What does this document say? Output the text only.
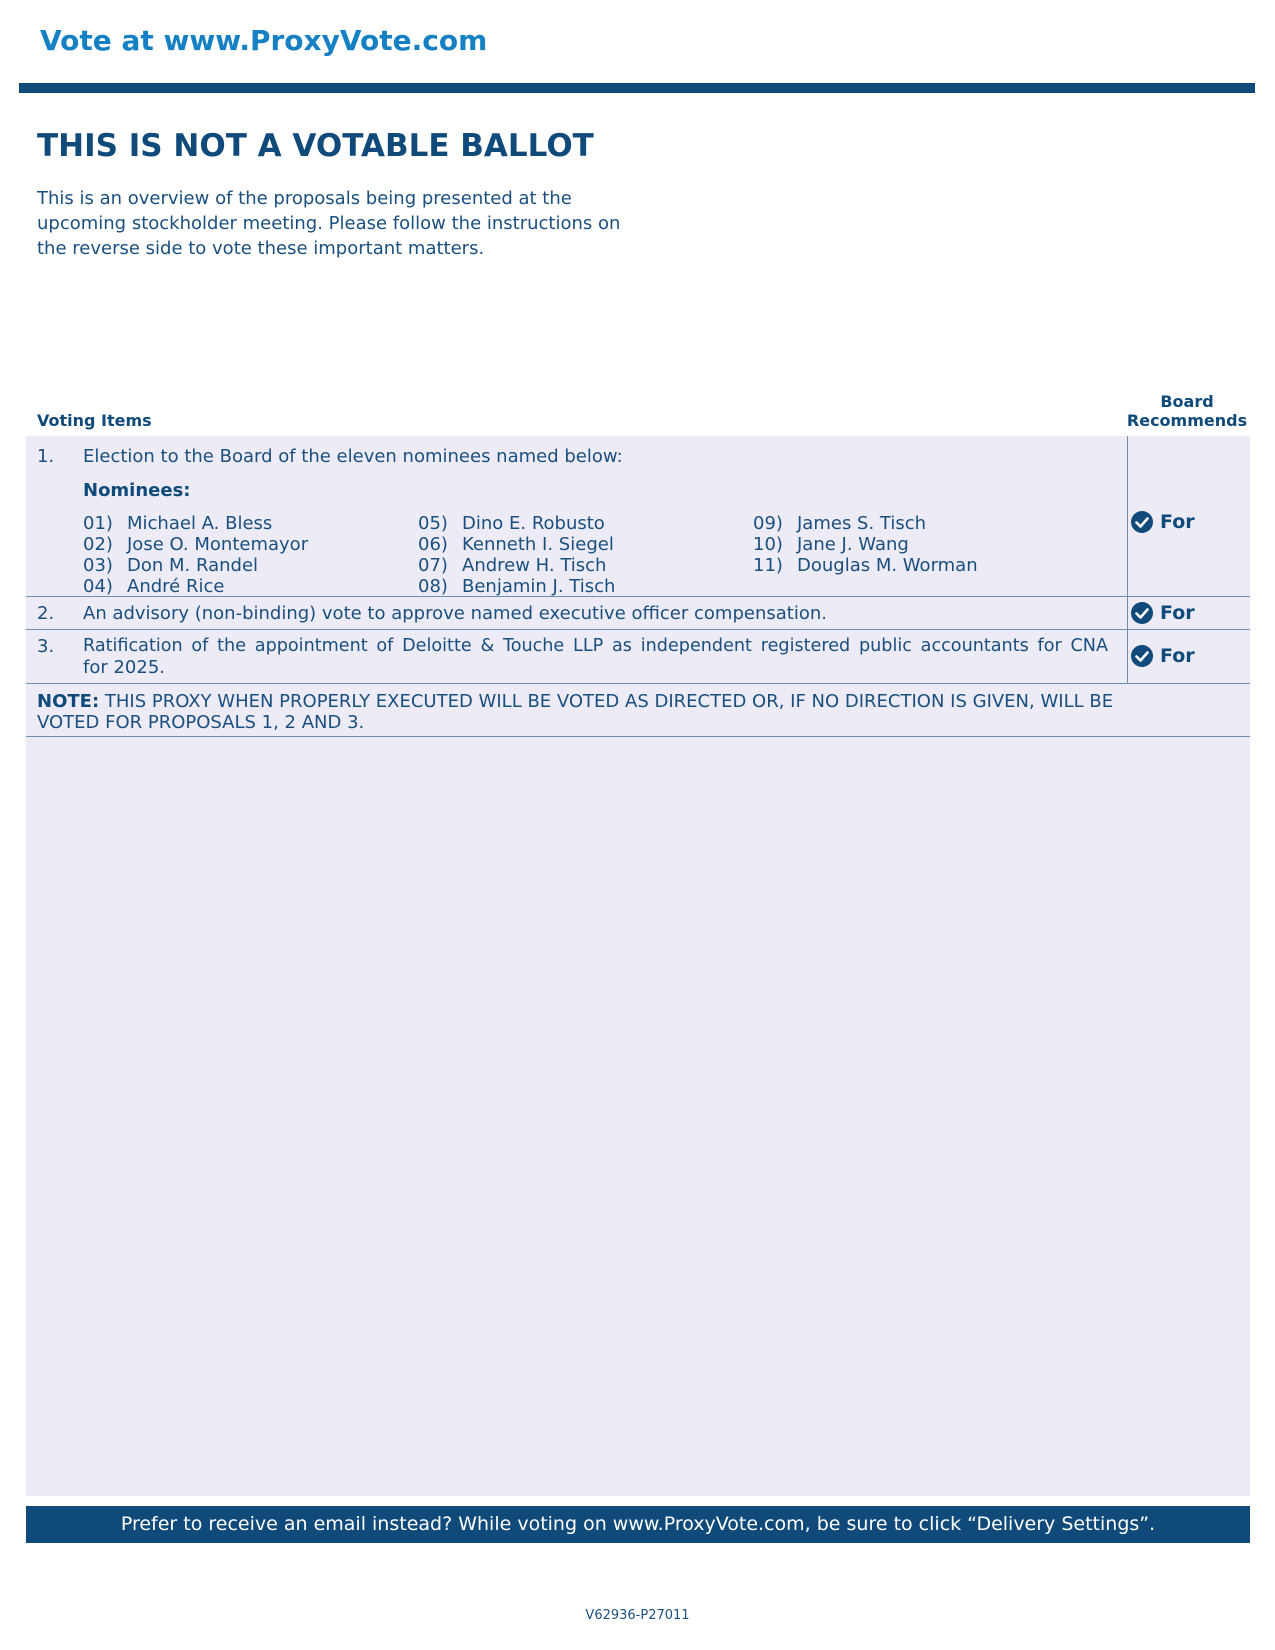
Vote at www.ProxyVote.com
THIS IS NOT A VOTABLE BALLOT
This is an overview of the proposals being presented at the
upcoming stockholder meeting. Please follow the instructions on
the reverse side to vote these important matters.
Voting Items
Board
Recommends
1. Election to the Board of the eleven nominees named below:
Nominees:
01) Michael A. Bless
02) Jose O. Montemayor
03) Don M. Randel
04) André Rice
05) Dino E. Robusto
06) Kenneth I. Siegel
07) Andrew H. Tisch
08) Benjamin J. Tisch
09) James S. Tisch
10) Jane J. Wang
11) Douglas M. Worman
For
2. An advisory (non-binding) vote to approve named executive officer compensation.	For
3. Ratification of the appointment of Deloitte & Touche LLP as independent registered public accountants for CNA
for 2025.
For
NOTE: THIS PROXY WHEN PROPERLY EXECUTED WILL BE VOTED AS DIRECTED OR, IF NO DIRECTION IS GIVEN, WILL BE
VOTED FOR PROPOSALS 1, 2 AND 3.
Prefer to receive an email instead? While voting on www.ProxyVote.com, be sure to click “Delivery Settings”.
V62936-P27011
